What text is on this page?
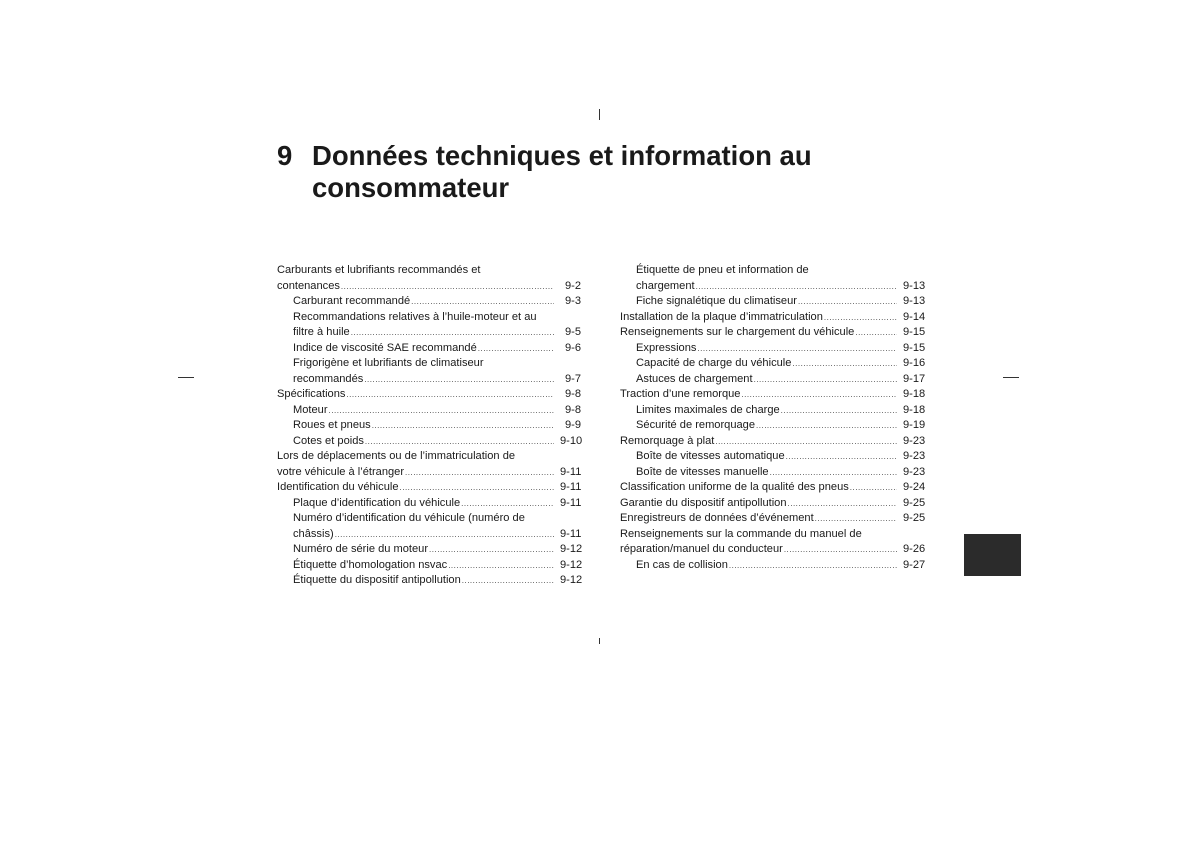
9 Données techniques et information au consommateur
Carburants et lubrifiants recommandés et
contenances .....	9-2
Carburant recommandé .....	9-3
Recommandations relatives à l’huile-moteur et au
filtre à huile .....	9-5
Indice de viscosité SAE recommandé .....	9-6
Frigorigène et lubrifiants de climatiseur
recommandés .....	9-7
Spécifications .....	9-8
Moteur .....	9-8
Roues et pneus .....	9-9
Cotes et poids .....	9-10
Lors de déplacements ou de l’immatriculation de
votre véhicule à l’étranger .....	9-11
Identification du véhicule .....	9-11
Plaque d’identification du véhicule .....	9-11
Numéro d’identification du véhicule (numéro de
châssis) .....	9-11
Numéro de série du moteur .....	9-12
Étiquette d’homologation nsvac .....	9-12
Étiquette du dispositif antipollution .....	9-12
Étiquette de pneu et information de
chargement .....	9-13
Fiche signalétique du climatiseur .....	9-13
Installation de la plaque d’immatriculation .....	9-14
Renseignements sur le chargement du véhicule .....	9-15
Expressions .....	9-15
Capacité de charge du véhicule .....	9-16
Astuces de chargement .....	9-17
Traction d’une remorque .....	9-18
Limites maximales de charge .....	9-18
Sécurité de remorquage .....	9-19
Remorquage à plat .....	9-23
Boîte de vitesses automatique .....	9-23
Boîte de vitesses manuelle .....	9-23
Classification uniforme de la qualité des pneus .....	9-24
Garantie du dispositif antipollution .....	9-25
Enregistreurs de données d’événement .....	9-25
Renseignements sur la commande du manuel de
réparation/manuel du conducteur .....	9-26
En cas de collision .....	9-27
